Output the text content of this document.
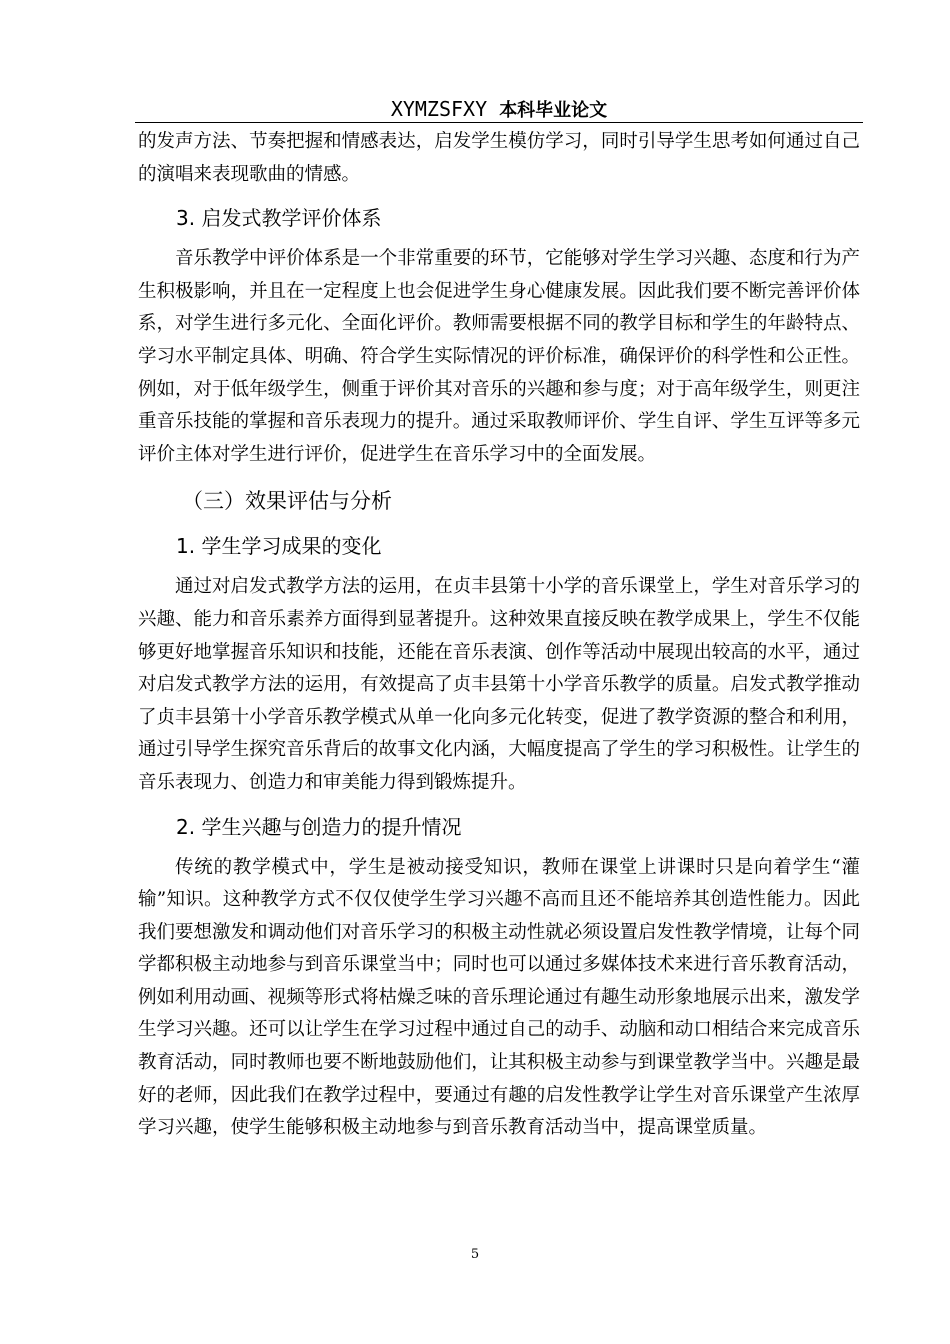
XYMZSFXY 本科毕业论文

的发声方法、节奏把握和情感表达，启发学生模仿学习，同时引导学生思考如何通过自己的演唱来表现歌曲的情感。

3. 启发式教学评价体系

音乐教学中评价体系是一个非常重要的环节，它能够对学生学习兴趣、态度和行为产生积极影响，并且在一定程度上也会促进学生身心健康发展。因此我们要不断完善评价体系，对学生进行多元化、全面化评价。教师需要根据不同的教学目标和学生的年龄特点、学习水平制定具体、明确、符合学生实际情况的评价标准，确保评价的科学性和公正性。例如，对于低年级学生，侧重于评价其对音乐的兴趣和参与度；对于高年级学生，则更注重音乐技能的掌握和音乐表现力的提升。通过采取教师评价、学生自评、学生互评等多元评价主体对学生进行评价，促进学生在音乐学习中的全面发展。

（三）效果评估与分析
1. 学生学习成果的变化

通过对启发式教学方法的运用，在贞丰县第十小学的音乐课堂上，学生对音乐学习的兴趣、能力和音乐素养方面得到显著提升。这种效果直接反映在教学成果上，学生不仅能够更好地掌握音乐知识和技能，还能在音乐表演、创作等活动中展现出较高的水平，通过对启发式教学方法的运用，有效提高了贞丰县第十小学音乐教学的质量。启发式教学推动了贞丰县第十小学音乐教学模式从单一化向多元化转变，促进了教学资源的整合和利用，通过引导学生探究音乐背后的故事文化内涵，大幅度提高了学生的学习积极性。让学生的音乐表现力、创造力和审美能力得到锻炼提升。

2. 学生兴趣与创造力的提升情况

传统的教学模式中，学生是被动接受知识，教师在课堂上讲课时只是向着学生“灌输”知识。这种教学方式不仅仅使学生学习兴趣不高而且还不能培养其创造性能力。因此我们要想激发和调动他们对音乐学习的积极主动性就必须设置启发性教学情境，让每个同学都积极主动地参与到音乐课堂当中；同时也可以通过多媒体技术来进行音乐教育活动，例如利用动画、视频等形式将枯燥乏味的音乐理论通过有趣生动形象地展示出来，激发学生学习兴趣。还可以让学生在学习过程中通过自己的动手、动脑和动口相结合来完成音乐教育活动，同时教师也要不断地鼓励他们，让其积极主动参与到课堂教学当中。兴趣是最好的老师，因此我们在教学过程中，要通过有趣的启发性教学让学生对音乐课堂产生浓厚学习兴趣，使学生能够积极主动地参与到音乐教育活动当中，提高课堂质量。

5
